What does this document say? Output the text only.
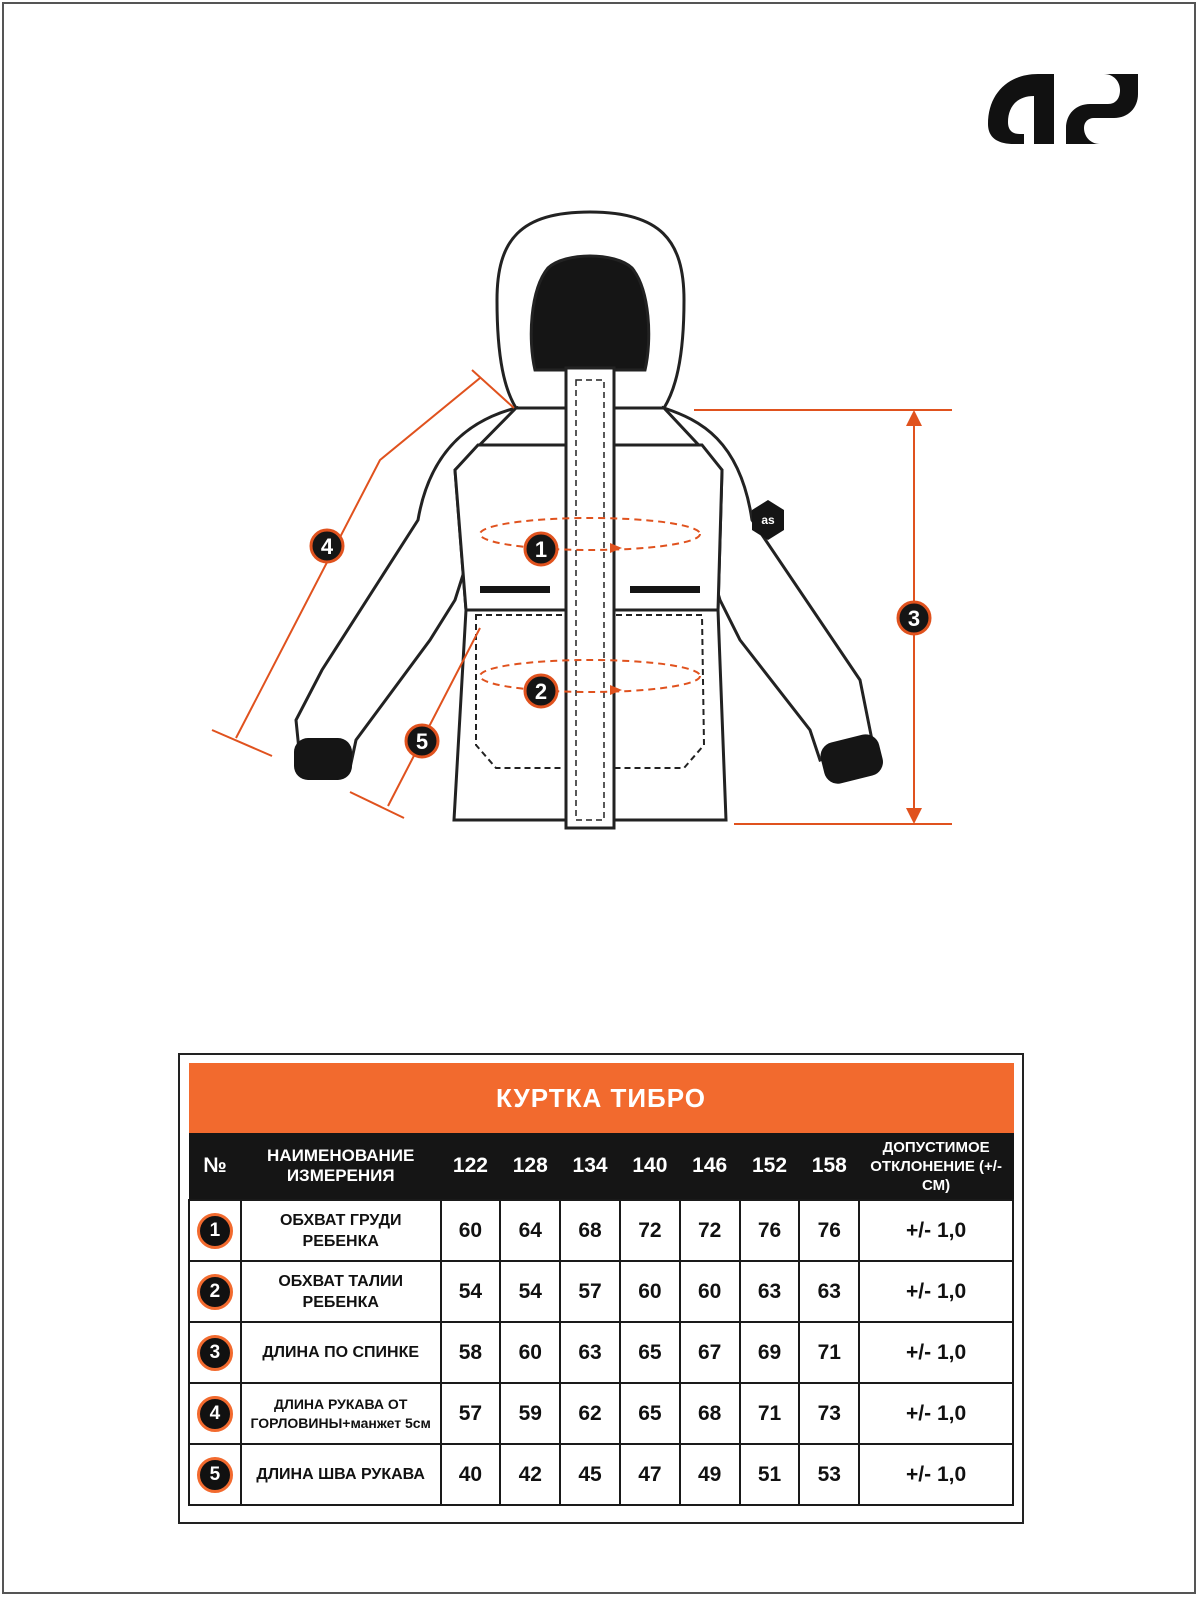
as
1
2
3
4
5
КУРТКА ТИБРО									
№	НАИМЕНОВАНИЕ ИЗМЕРЕНИЯ	122	128	134	140	146	152	158	ДОПУСТИМОЕ ОТКЛОНЕНИЕ (+/-СМ)
1	ОБХВАТ ГРУДИ РЕБЕНКА	60	64	68	72	72	76	76	+/- 1,0
2	ОБХВАТ ТАЛИИ РЕБЕНКА	54	54	57	60	60	63	63	+/- 1,0
3	ДЛИНА ПО СПИНКЕ	58	60	63	65	67	69	71	+/- 1,0
4	ДЛИНА РУКАВА ОТ ГОРЛОВИНЫ+манжет 5см	57	59	62	65	68	71	73	+/- 1,0
5	ДЛИНА ШВА РУКАВА	40	42	45	47	49	51	53	+/- 1,0
